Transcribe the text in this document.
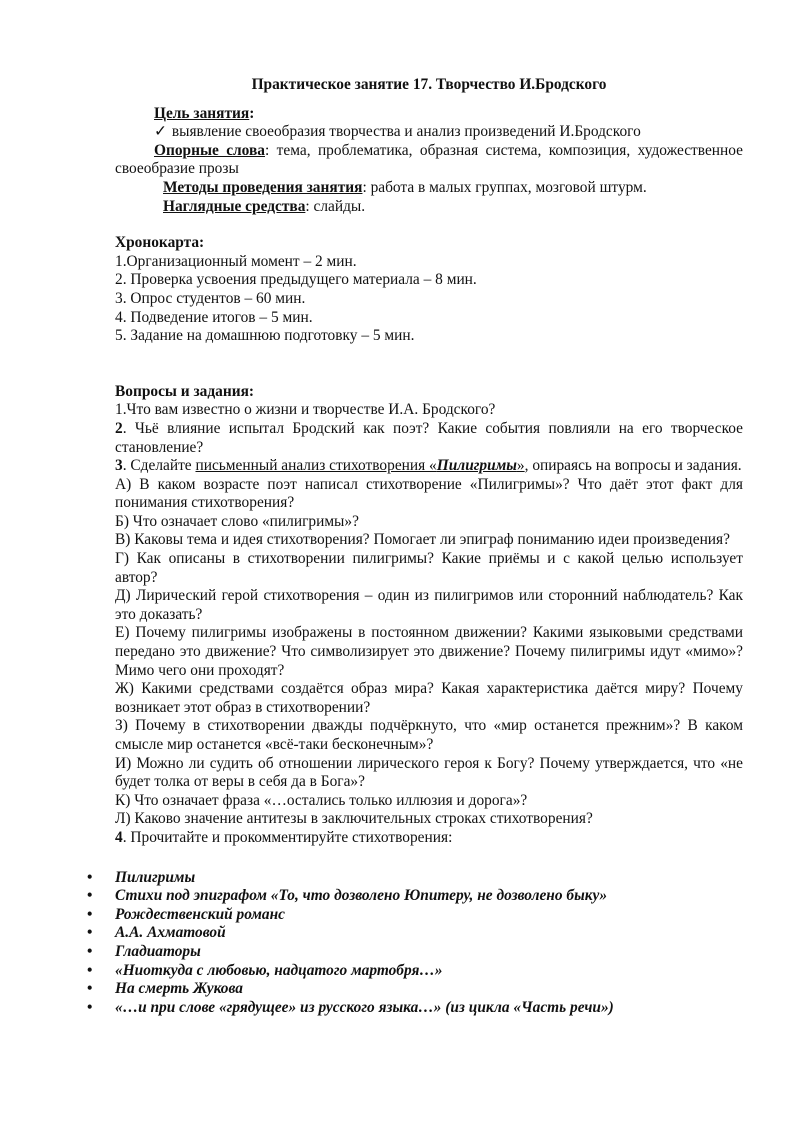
Практическое занятие 17. Творчество И.Бродского

Цель занятия:

✓ выявление своеобразия творчества и анализ произведений И.Бродского

Опорные слова: тема, проблематика, образная система, композиция, художественное своеобразие прозы

Методы проведения занятия: работа в малых группах, мозговой штурм.

Наглядные средства: слайды.

Хронокарта:

1.Организационный момент – 2 мин.

2. Проверка усвоения предыдущего материала – 8 мин.

3. Опрос студентов – 60 мин.

4. Подведение итогов – 5 мин.

5. Задание на домашнюю подготовку – 5 мин.

Вопросы и задания:

1.Что вам известно о жизни и творчестве И.А. Бродского?

2. Чьё влияние испытал Бродский как поэт? Какие события повлияли на его творческое становление?

3. Сделайте письменный анализ стихотворения «Пилигримы», опираясь на вопросы и задания.

А) В каком возрасте поэт написал стихотворение «Пилигримы»? Что даёт этот факт для понимания стихотворения?

Б) Что означает слово «пилигримы»?

В) Каковы тема и идея стихотворения? Помогает ли эпиграф пониманию идеи произведения?

Г) Как описаны в стихотворении пилигримы? Какие приёмы и с какой целью использует автор?

Д) Лирический герой стихотворения – один из пилигримов или сторонний наблюдатель? Как это доказать?

Е) Почему пилигримы изображены в постоянном движении? Какими языковыми средствами передано это движение? Что символизирует это движение? Почему пилигримы идут «мимо»? Мимо чего они проходят?

Ж) Какими средствами создаётся образ мира? Какая характеристика даётся миру? Почему возникает этот образ в стихотворении?

З) Почему в стихотворении дважды подчёркнуто, что «мир останется прежним»? В каком смысле мир останется «всё-таки бесконечным»?

И) Можно ли судить об отношении лирического героя к Богу? Почему утверждается, что «не будет толка от веры в себя да в Бога»?

К) Что означает фраза «…остались только иллюзия и дорога»?

Л) Каково значение антитезы в заключительных строках стихотворения?

4. Прочитайте и прокомментируйте стихотворения:

• Пилигримы
• Стихи под эпиграфом «То, что дозволено Юпитеру, не дозволено быку»
• Рождественский романс
• А.А. Ахматовой
• Гладиаторы
• «Ниоткуда с любовью, надцатого мартобря…»
• На смерть Жукова
• «…и при слове «грядущее» из русского языка…» (из цикла «Часть речи»)
